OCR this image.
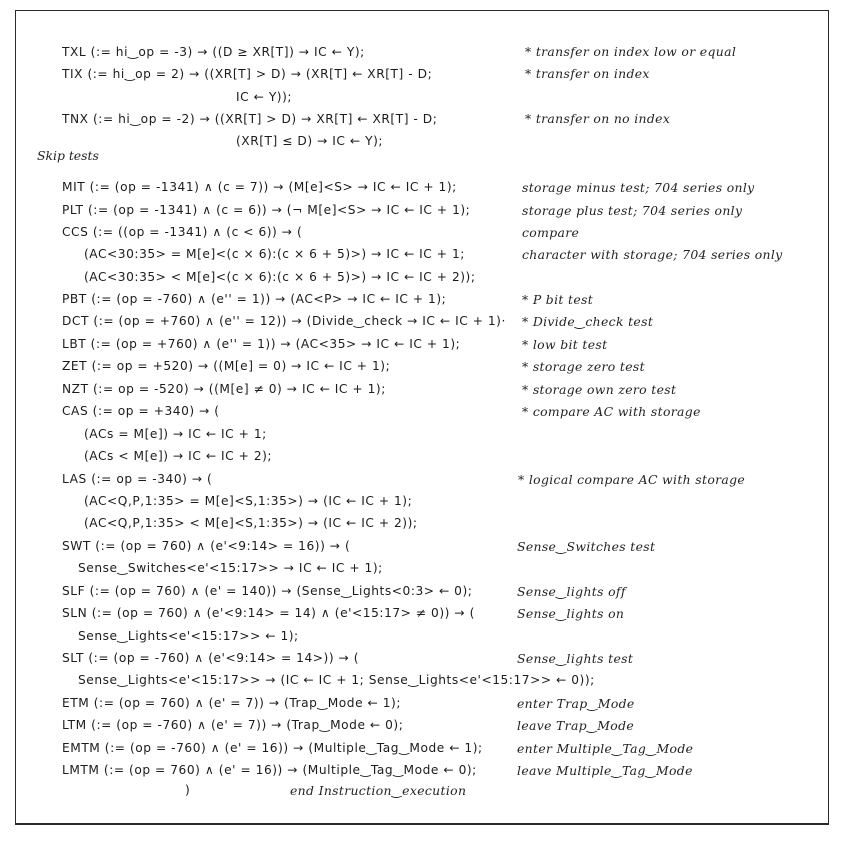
TXL (:= hi‿op = -3) → ((D ≥ XR[T]) → IC ← Y);
TIX (:= hi‿op = 2) → ((XR[T] > D) → (XR[T] ← XR[T] - D;
IC ← Y));
TNX (:= hi‿op = -2) → ((XR[T] > D) → XR[T] ← XR[T] - D;
(XR[T] ≤ D) → IC ← Y);
Skip tests
MIT (:= (op = -1341) ∧ (c = 7)) → (M[e]<S> → IC ← IC + 1);
PLT (:= (op = -1341) ∧ (c = 6)) → (¬ M[e]<S> → IC ← IC + 1);
CCS (:= ((op = -1341) ∧ (c < 6)) → (
(AC<30:35> = M[e]<(c × 6):(c × 6 + 5)>) → IC ← IC + 1;
(AC<30:35> < M[e]<(c × 6):(c × 6 + 5)>) → IC ← IC + 2));
PBT (:= (op = -760) ∧ (e'' = 1)) → (AC<P> → IC ← IC + 1);
DCT (:= (op = +760) ∧ (e'' = 12)) → (Divide‿check → IC ← IC + 1)·
LBT (:= (op = +760) ∧ (e'' = 1)) → (AC<35> → IC ← IC + 1);
ZET (:= op = +520) → ((M[e] = 0) → IC ← IC + 1);
NZT (:= op = -520) → ((M[e] ≠ 0) → IC ← IC + 1);
CAS (:= op = +340) → (
(ACs = M[e]) → IC ← IC + 1;
(ACs < M[e]) → IC ← IC + 2);
LAS (:= op = -340) → (
(AC<Q,P,1:35> = M[e]<S,1:35>) → (IC ← IC + 1);
(AC<Q,P,1:35> < M[e]<S,1:35>) → (IC ← IC + 2));
SWT (:= (op = 760) ∧ (e'<9:14> = 16)) → (
Sense‿Switches<e'<15:17>> → IC ← IC + 1);
SLF (:= (op = 760) ∧ (e' = 140)) → (Sense‿Lights<0:3> ← 0);
SLN (:= (op = 760) ∧ (e'<9:14> = 14) ∧ (e'<15:17> ≠ 0)) → (
Sense‿Lights<e'<15:17>> ← 1);
SLT (:= (op = -760) ∧ (e'<9:14> = 14>)) → (
Sense‿Lights<e'<15:17>> → (IC ← IC + 1; Sense‿Lights<e'<15:17>> ← 0));
ETM (:= (op = 760) ∧ (e' = 7)) → (Trap‿Mode ← 1);
LTM (:= (op = -760) ∧ (e' = 7)) → (Trap‿Mode ← 0);
EMTM (:= (op = -760) ∧ (e' = 16)) → (Multiple‿Tag‿Mode ← 1);
LMTM (:= (op = 760) ∧ (e' = 16)) → (Multiple‿Tag‿Mode ← 0);
)	end Instruction‿execution
* transfer on index low or equal
* transfer on index
* transfer on no index
storage minus test; 704 series only
storage plus test; 704 series only
compare
character with storage; 704 series only
* P bit test
* Divide‿check test
* low bit test
* storage zero test
* storage own zero test
* compare AC with storage
* logical compare AC with storage
Sense‿Switches test
Sense‿lights off
Sense‿lights on
Sense‿lights test
enter Trap‿Mode
leave Trap‿Mode
enter Multiple‿Tag‿Mode
leave Multiple‿Tag‿Mode
